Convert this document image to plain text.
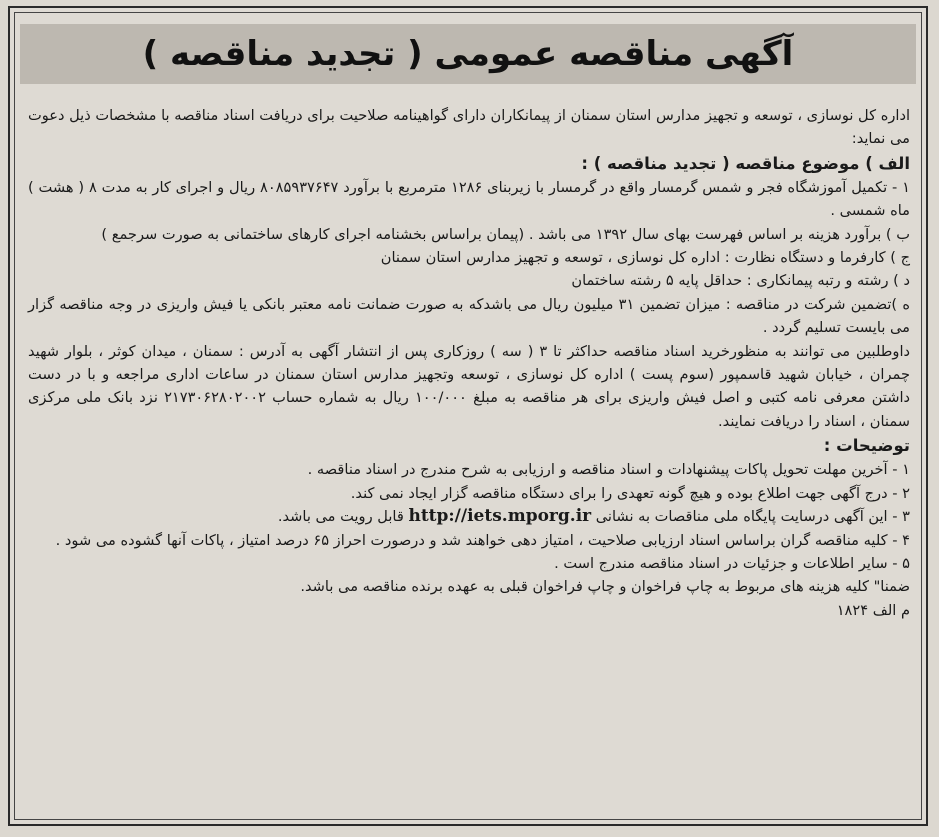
آگهی مناقصه عمومی ( تجدید مناقصه )

اداره کل نوسازی ، توسعه و تجهیز مدارس استان سمنان از پیمانکاران دارای گواهینامه صلاحیت برای دریافت اسناد مناقصه با مشخصات ذیل دعوت می نماید:

الف ) موضوع مناقصه ( تجدید مناقصه ) :

۱ - تکمیل آموزشگاه فجر و شمس گرمسار واقع در گرمسار با زیربنای ۱۲۸۶ مترمربع با برآورد ۸۰۸۵۹۳۷۶۴۷ ریال و اجرای کار به مدت ۸ ( هشت ) ماه شمسی .

ب ) برآورد هزینه بر اساس فهرست بهای سال ۱۳۹۲ می باشد . (پیمان براساس بخشنامه اجرای کارهای ساختمانی به صورت سرجمع )

ج ) کارفرما و دستگاه نظارت : اداره کل نوسازی ، توسعه و تجهیز مدارس استان سمنان

د ) رشته و رتبه پیمانکاری : حداقل پایه ۵ رشته ساختمان

ه )تضمین شرکت در مناقصه : میزان تضمین ۳۱ میلیون ریال می باشدکه به صورت ضمانت نامه معتبر بانکی یا فیش واریزی در وجه مناقصه گزار می بایست تسلیم گردد .

داوطلبین می توانند به منظورخرید اسناد مناقصه حداکثر تا ۳ ( سه ) روزکاری پس از انتشار آگهی به آدرس : سمنان ، میدان کوثر ، بلوار شهید چمران ، خیابان شهید قاسمپور (سوم پست ) اداره کل نوسازی ، توسعه وتجهیز مدارس استان سمنان در ساعات اداری مراجعه و با در دست داشتن معرفی نامه کتبی و اصل فیش واریزی برای هر مناقصه به مبلغ ۱۰۰/۰۰۰ ریال به شماره حساب ۲۱۷۳۰۶۲۸۰۲۰۰۲ نزد بانک ملی مرکزی سمنان ، اسناد را دریافت نمایند.

توضیحات :

۱ - آخرین مهلت تحویل پاکات پیشنهادات و اسناد مناقصه و ارزیابی به شرح مندرج در اسناد مناقصه .

۲ - درج آگهی جهت اطلاع بوده و هیچ گونه تعهدی را برای دستگاه مناقصه گزار ایجاد نمی کند.

۳ - این آگهی درسایت پایگاه ملی مناقصات به نشانی http://iets.mporg.ir قابل رویت می باشد.

۴ - کلیه مناقصه گران براساس اسناد ارزیابی صلاحیت ، امتیاز دهی خواهند شد و درصورت احراز ۶۵ درصد امتیاز ، پاکات آنها گشوده می شود .

۵ - سایر اطلاعات و جزئیات در اسناد مناقصه مندرج است .

ضمنا" کلیه هزینه های مربوط به چاپ فراخوان و چاپ فراخوان قبلی به عهده برنده مناقصه می باشد.

م الف ۱۸۲۴
